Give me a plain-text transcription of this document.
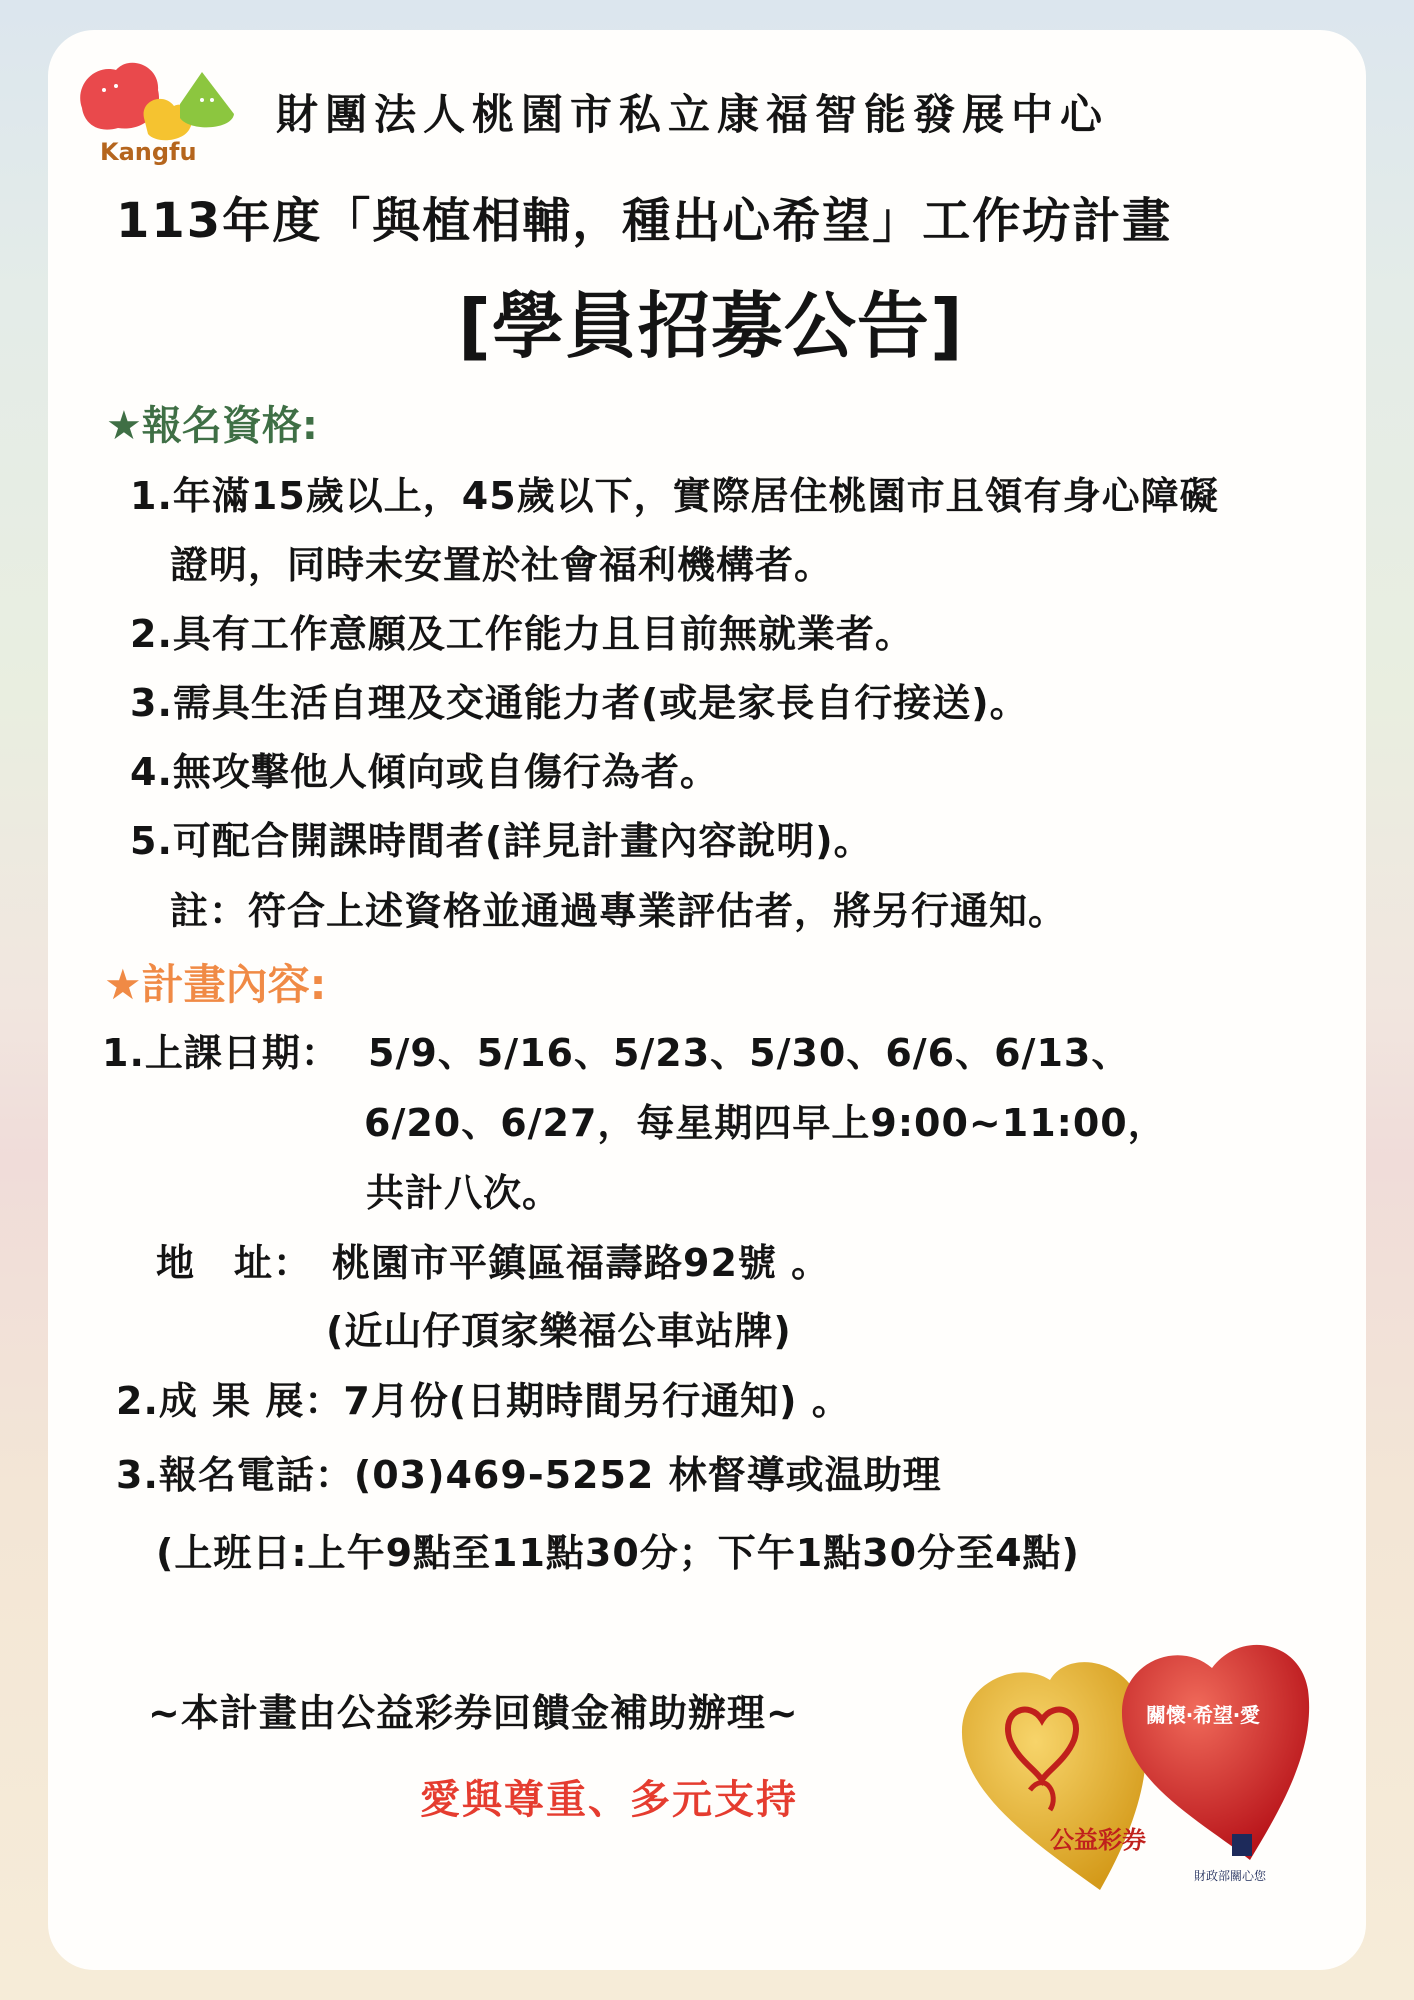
Kangfu
財團法人桃園市私立康福智能發展中心
113年度「與植相輔，種出心希望」工作坊計畫
[學員招募公告]
★報名資格:
1.年滿15歲以上，45歲以下，實際居住桃園市且領有身心障礙
證明，同時未安置於社會福利機構者。
2.具有工作意願及工作能力且目前無就業者。
3.需具生活自理及交通能力者(或是家長自行接送)。
4.無攻擊他人傾向或自傷行為者。
5.可配合開課時間者(詳見計畫內容說明)。
註：符合上述資格並通過專業評估者，將另行通知。
★計畫內容:
1.上課日期： 5/9、5/16、5/23、5/30、6/6、6/13、
6/20、6/27，每星期四早上9:00~11:00，
共計八次。
地　址： 桃園市平鎮區福壽路92號 。
(近山仔頂家樂福公車站牌)
2.成 果 展：7月份(日期時間另行通知) 。
3.報名電話：(03)469-5252 林督導或温助理
(上班日:上午9點至11點30分；下午1點30分至4點)
~本計畫由公益彩券回饋金補助辦理~
愛與尊重、多元支持
關懷‧希望‧愛
公益彩券
財政部關心您
